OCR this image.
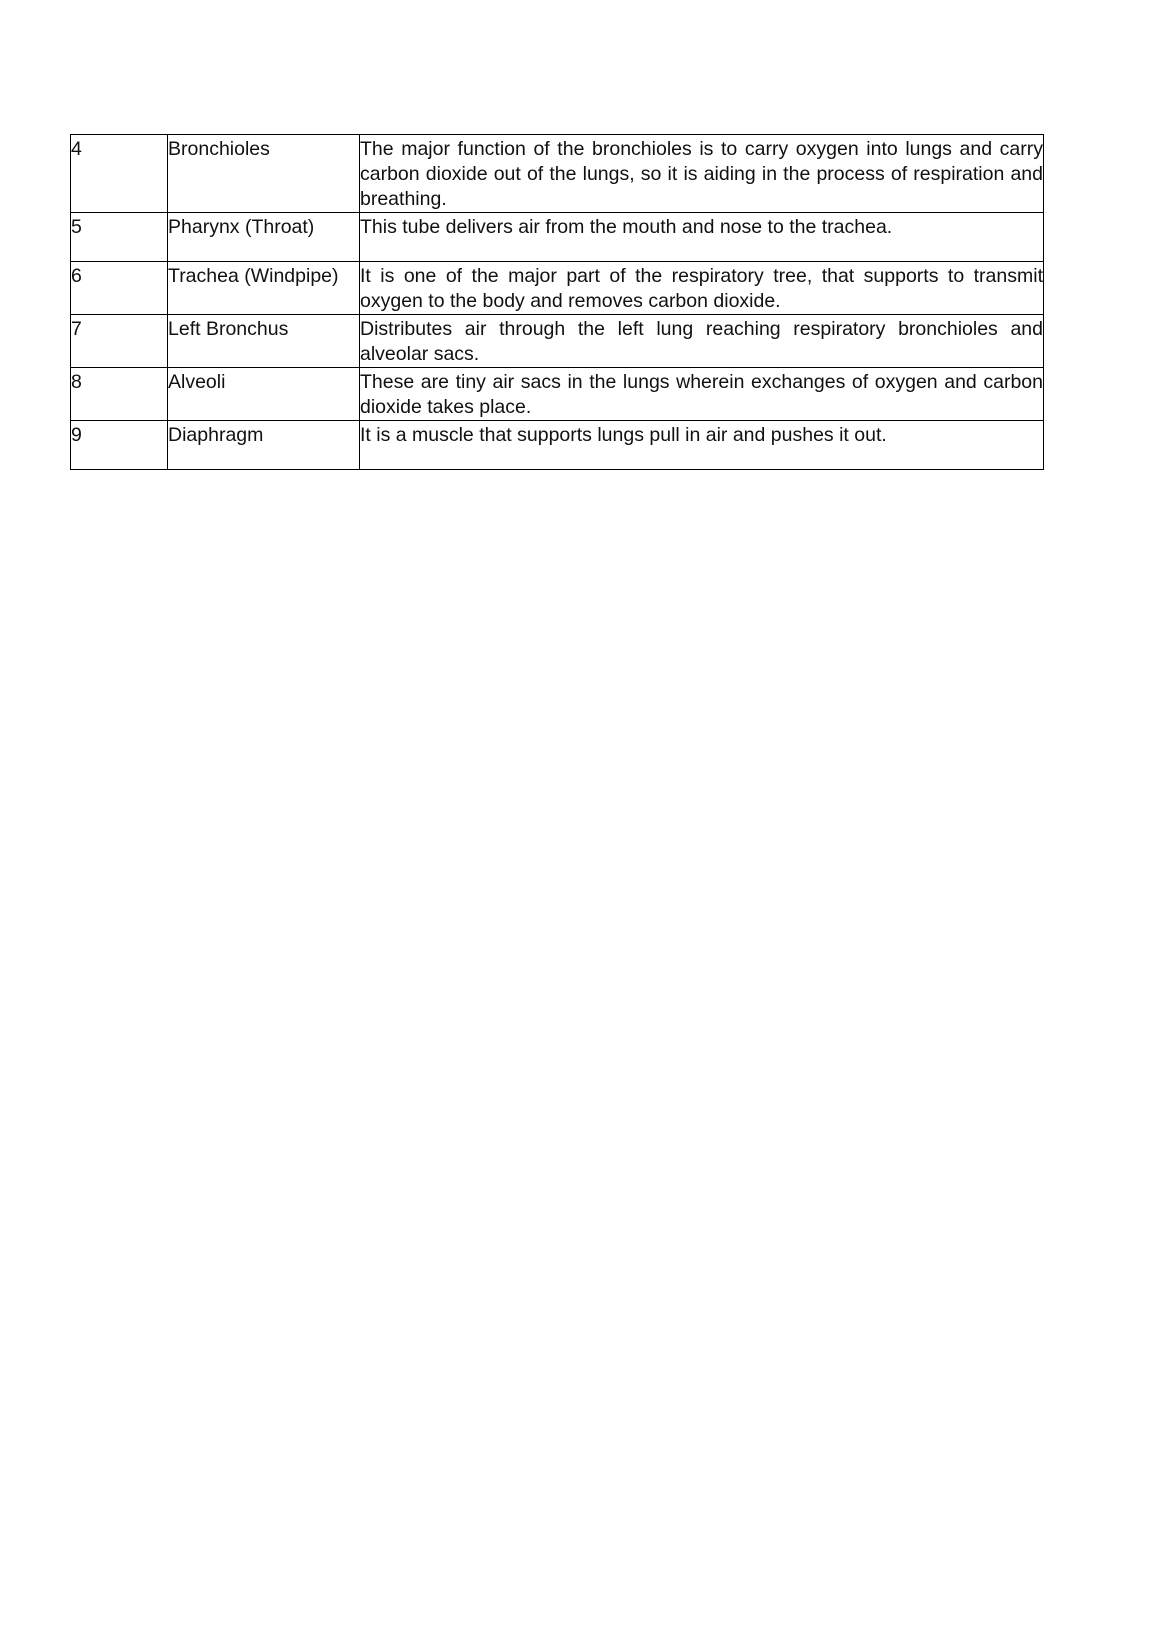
4	Bronchioles	The major function of the bronchioles is to carry oxygen into lungs and carry carbon dioxide out of the lungs, so it is aiding in the process of respiration and breathing.

5	Pharynx (Throat)	This tube delivers air from the mouth and nose to the trachea.

6	Trachea (Windpipe)	It is one of the major part of the respiratory tree, that supports to transmit oxygen to the body and removes carbon dioxide.

7	Left Bronchus	Distributes air through the left lung reaching respiratory bronchioles and alveolar sacs.

8	Alveoli	These are tiny air sacs in the lungs wherein exchanges of oxygen and carbon dioxide takes place.

9	Diaphragm	It is a muscle that supports lungs pull in air and pushes it out.
